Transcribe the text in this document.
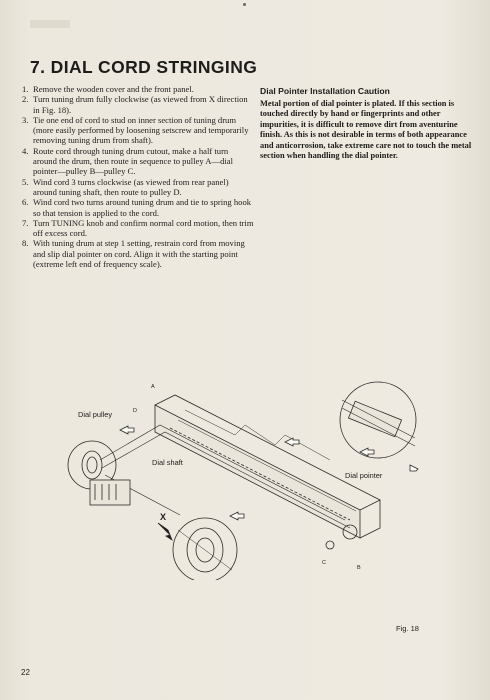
7. DIAL CORD STRINGING
1. Remove the wooden cover and the front panel.
2. Turn tuning drum fully clockwise (as viewed from X direction in Fig. 18).
3. Tie one end of cord to stud on inner section of tuning drum (more easily performed by loosening setscrew and temporarily removing tuning drum from shaft).
4. Route cord through tuning drum cutout, make a half turn around the drum, then route in sequence to pulley A—dial pointer—pulley B—pulley C.
5. Wind cord 3 turns clockwise (as viewed from rear panel) around tuning shaft, then route to pulley D.
6. Wind cord two turns around tuning drum and tie to spring hook so that tension is applied to the cord.
7. Turn TUNING knob and confirm normal cord motion, then trim off excess cord.
8. With tuning drum at step 1 setting, restrain cord from moving and slip dial pointer on cord. Align it with the starting point (extreme left end of frequency scale).
Dial Pointer Installation Caution

Metal portion of dial pointer is plated. If this section is touched directly by hand or fingerprints and other impurities, it is difficult to remove dirt from aventurine finish. As this is not desirable in terms of both appearance and anticorrosion, take extreme care not to touch the metal section when handling the dial pointer.

Dial pulley
Dial shaft
Dial pointer
X
A
D
B
C
Fig. 18
22
